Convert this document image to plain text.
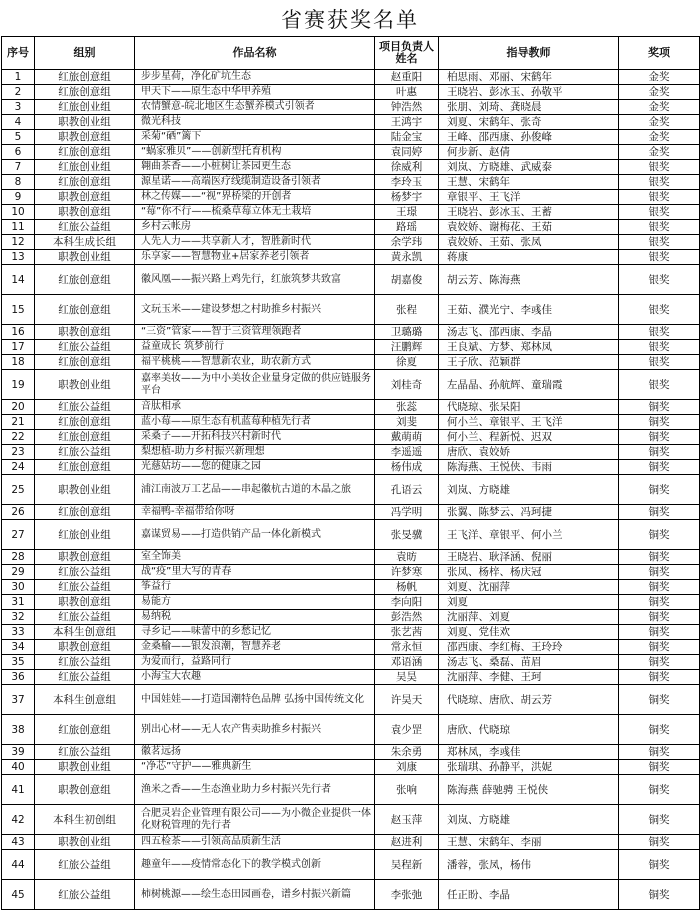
省赛获奖名单
序号	组别	作品名称	项目负责人姓名	指导教师	奖项
1	红旅创意组	步步星荷，净化矿坑生态	赵重阳	柏思雨、邓丽、宋鹤年	金奖
2	红旅创意组	甲天下——原生态中华甲养殖	叶惠	王晓岩、彭冰玉、孙敬平	金奖
3	红旅创业组	农情蟹意-皖北地区生态蟹养模式引领者	钟浩然	张朋、刘琦、龚晓晨	金奖
4	职教创业组	微光科技	王鸿宇	刘夏、宋鹤年、张奇	金奖
5	职教创意组	采菊“硒”篱下	陆金宝	王峰、邵西康、孙俊峰	金奖
6	红旅创意组	“蜗家雅贝”——创新型托育机构	袁同婷	何步新、赵倩	金奖
7	红旅创业组	翱曲茶香——小桩树让茶园更生态	徐威利	刘岚、方晓雄、武威泰	银奖
8	红旅创意组	源星诺——高端医疗线缆制造设备引领者	李玲玉	王慧、宋鹤年	银奖
9	职教创意组	林之传媒——“视”界桥梁的开创者	杨梦宇	章银平、王飞洋	银奖
10	职教创意组	“莓”你不行——梳桑草莓立体无土栽培	王璟	王晓岩、彭冰玉、王蓄	银奖
11	红旅公益组	乡村云帐房	路瑶	袁姣娇、谢梅花、王茹	银奖
12	本科生成长组	人先人力——共享新人才，智胜新时代	余学玮	袁姣娇、王茹、张凤	银奖
13	职教创业组	乐享家——智慧物业+居家养老引领者	黄永凯	蒋康	银奖
14	红旅创意组	徽风凰——振兴路上鸡先行，红旅筑梦共致富	胡嘉俊	胡云芳、陈海燕	银奖
15	红旅创意组	文玩玉米——建设梦想之村助推乡村振兴	张程	王茹、濮光宁、李彧佳	银奖
16	职教创意组	“三资”管家——智于三资管理领跑者	卫璐璐	汤志飞、邵西康、李晶	银奖
17	红旅公益组	益童成长 筑梦前行	汪鹏辉	王良斌、方梦、郑林凤	银奖
18	红旅创意组	福平桃桃——智慧新农业，助农新方式	徐夏	王子欣、范颖群	银奖
19	职教创业组	嘉率美妆——为中小美妆企业量身定做的供应链服务平台	刘桂奇	左晶晶、孙航辉、童瑞霞	银奖
20	红旅公益组	音肽相承	张蕊	代晓琼、张呆阳	铜奖
21	红旅创意组	蓝小莓——原生态有机蓝莓种植先行者	刘斐	何小兰、章银平、王飞洋	铜奖
22	红旅创意组	采桑子——开拓科技兴村新时代	戴萌萌	何小兰、程新悦、迟双	铜奖
23	红旅公益组	梨想植-助力乡村振兴新理想	李遥遥	唐欣、袁姣娇	铜奖
24	红旅创意组	光慈姑坊——您的健康之园	杨伟成	陈海燕、王悦侠、韦雨	铜奖
25	职教创业组	浦江南波万工艺品——串起徽杭古道的木晶之旅	孔语云	刘岚、方晓雄	铜奖
26	红旅创意组	幸福鸭-幸福带给你呀	冯学明	张翼、陈梦云、冯珂捷	铜奖
27	红旅创业组	嘉谋贸易——打造供销产品一体化新模式	张旻骥	王飞洋、章银平、何小兰	铜奖
28	职教创意组	室全饰美	袁昉	王晓岩、耿泽涵、倪丽	铜奖
29	红旅公益组	战“疫”里大写的青春	许梦寒	张凤、杨梓、杨庆冠	铜奖
30	红旅公益组	筝益行	杨帆	刘夏、沈丽萍	铜奖
31	职教创意组	易能方	李向阳	刘夏	铜奖
32	红旅公益组	易纳税	彭浩然	沈丽萍、刘夏	铜奖
33	本科生创意组	寻乡记——味蕾中的乡愁记忆	张艺茜	刘夏、党佳欢	铜奖
34	职教创意组	金桑榆——银发浪潮，智慧养老	常永恒	邵西康、李红梅、王玲玲	铜奖
35	红旅公益组	为爱而行，益路同行	邓语涵	汤志飞、桑磊、苗眉	铜奖
36	红旅公益组	小海宝大农趣	吴昊	沈丽萍、李健、王珂	铜奖
37	本科生创意组	中国娃娃——打造国潮特色品牌 弘扬中国传统文化	许昊天	代晓琼、唐欣、胡云芳	铜奖
38	红旅创意组	别出心材——无人农产售卖助推乡村振兴	袁少罡	唐欣、代晓琼	铜奖
39	红旅公益组	徽茗远扬	朱余勇	郑林凤，李彧佳	铜奖
40	职教创业组	“净芯”守护——雅典新生	刘康	张瑞琪、孙静平，洪妮	铜奖
41	职教创意组	渔米之香——生态渔业助力乡村振兴先行者	张响	陈海燕 薛驰骋 王悦侠	铜奖
42	本科生初创组	合肥灵岩企业管理有限公司——为小微企业提供一体化财税管理的先行者	赵玉萍	刘岚、方晓雄	铜奖
43	职教创业组	四五检茶——引领高品质新生活	赵进利	王慧、宋鹤年、李丽	铜奖
44	红旅公益组	趣童年——疫情常态化下的教学模式创新	吴程新	潘蓉，张凤，杨伟	铜奖
45	红旅公益组	柿树桃源——绘生态田园画卷，谱乡村振兴新篇	李张弛	任正盼、李晶	铜奖
